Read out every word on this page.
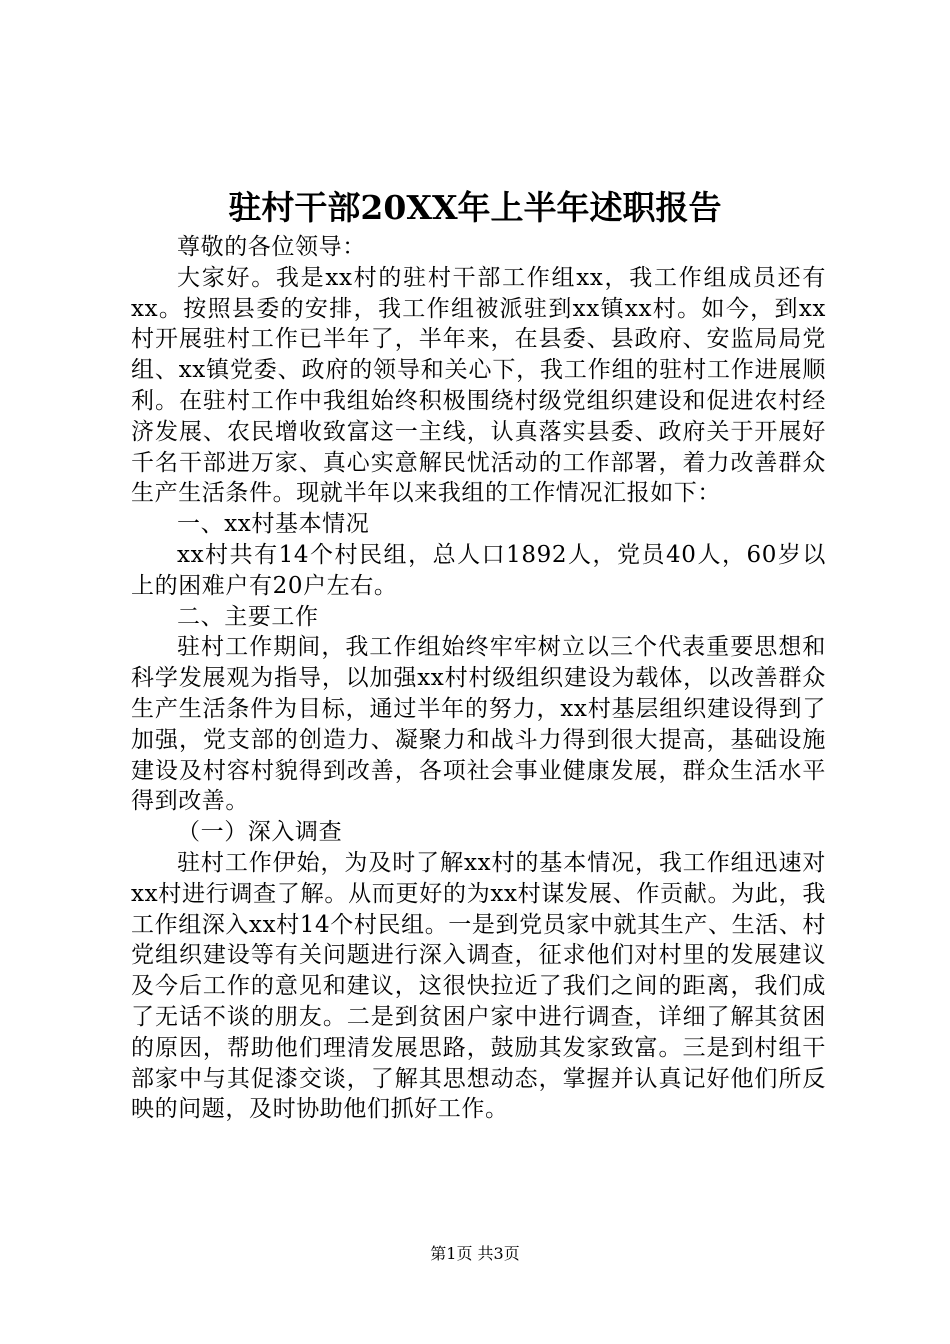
驻村干部20XX年上半年述职报告

尊敬的各位领导：

大家好。我是xx村的驻村干部工作组xx，我工作组成员还有xx。按照县委的安排，我工作组被派驻到xx镇xx村。如今，到xx村开展驻村工作已半年了，半年来，在县委、县政府、安监局局党组、xx镇党委、政府的领导和关心下，我工作组的驻村工作进展顺利。在驻村工作中我组始终积极围绕村级党组织建设和促进农村经济发展、农民增收致富这一主线，认真落实县委、政府关于开展好千名干部进万家、真心实意解民忧活动的工作部署，着力改善群众生产生活条件。现就半年以来我组的工作情况汇报如下：

一、xx村基本情况

xx村共有14个村民组，总人口1892人，党员40人，60岁以上的困难户有20户左右。

二、主要工作

驻村工作期间，我工作组始终牢牢树立以三个代表重要思想和科学发展观为指导，以加强xx村村级组织建设为载体，以改善群众生产生活条件为目标，通过半年的努力，xx村基层组织建设得到了加强，党支部的创造力、凝聚力和战斗力得到很大提高，基础设施建设及村容村貌得到改善，各项社会事业健康发展，群众生活水平得到改善。

（一）深入调查

驻村工作伊始，为及时了解xx村的基本情况，我工作组迅速对xx村进行调查了解。从而更好的为xx村谋发展、作贡献。为此，我工作组深入xx村14个村民组。一是到党员家中就其生产、生活、村党组织建设等有关问题进行深入调查，征求他们对村里的发展建议及今后工作的意见和建议，这很快拉近了我们之间的距离，我们成了无话不谈的朋友。二是到贫困户家中进行调查，详细了解其贫困的原因，帮助他们理清发展思路，鼓励其发家致富。三是到村组干部家中与其促漆交谈，了解其思想动态，掌握并认真记好他们所反映的问题，及时协助他们抓好工作。

第1页 共3页
